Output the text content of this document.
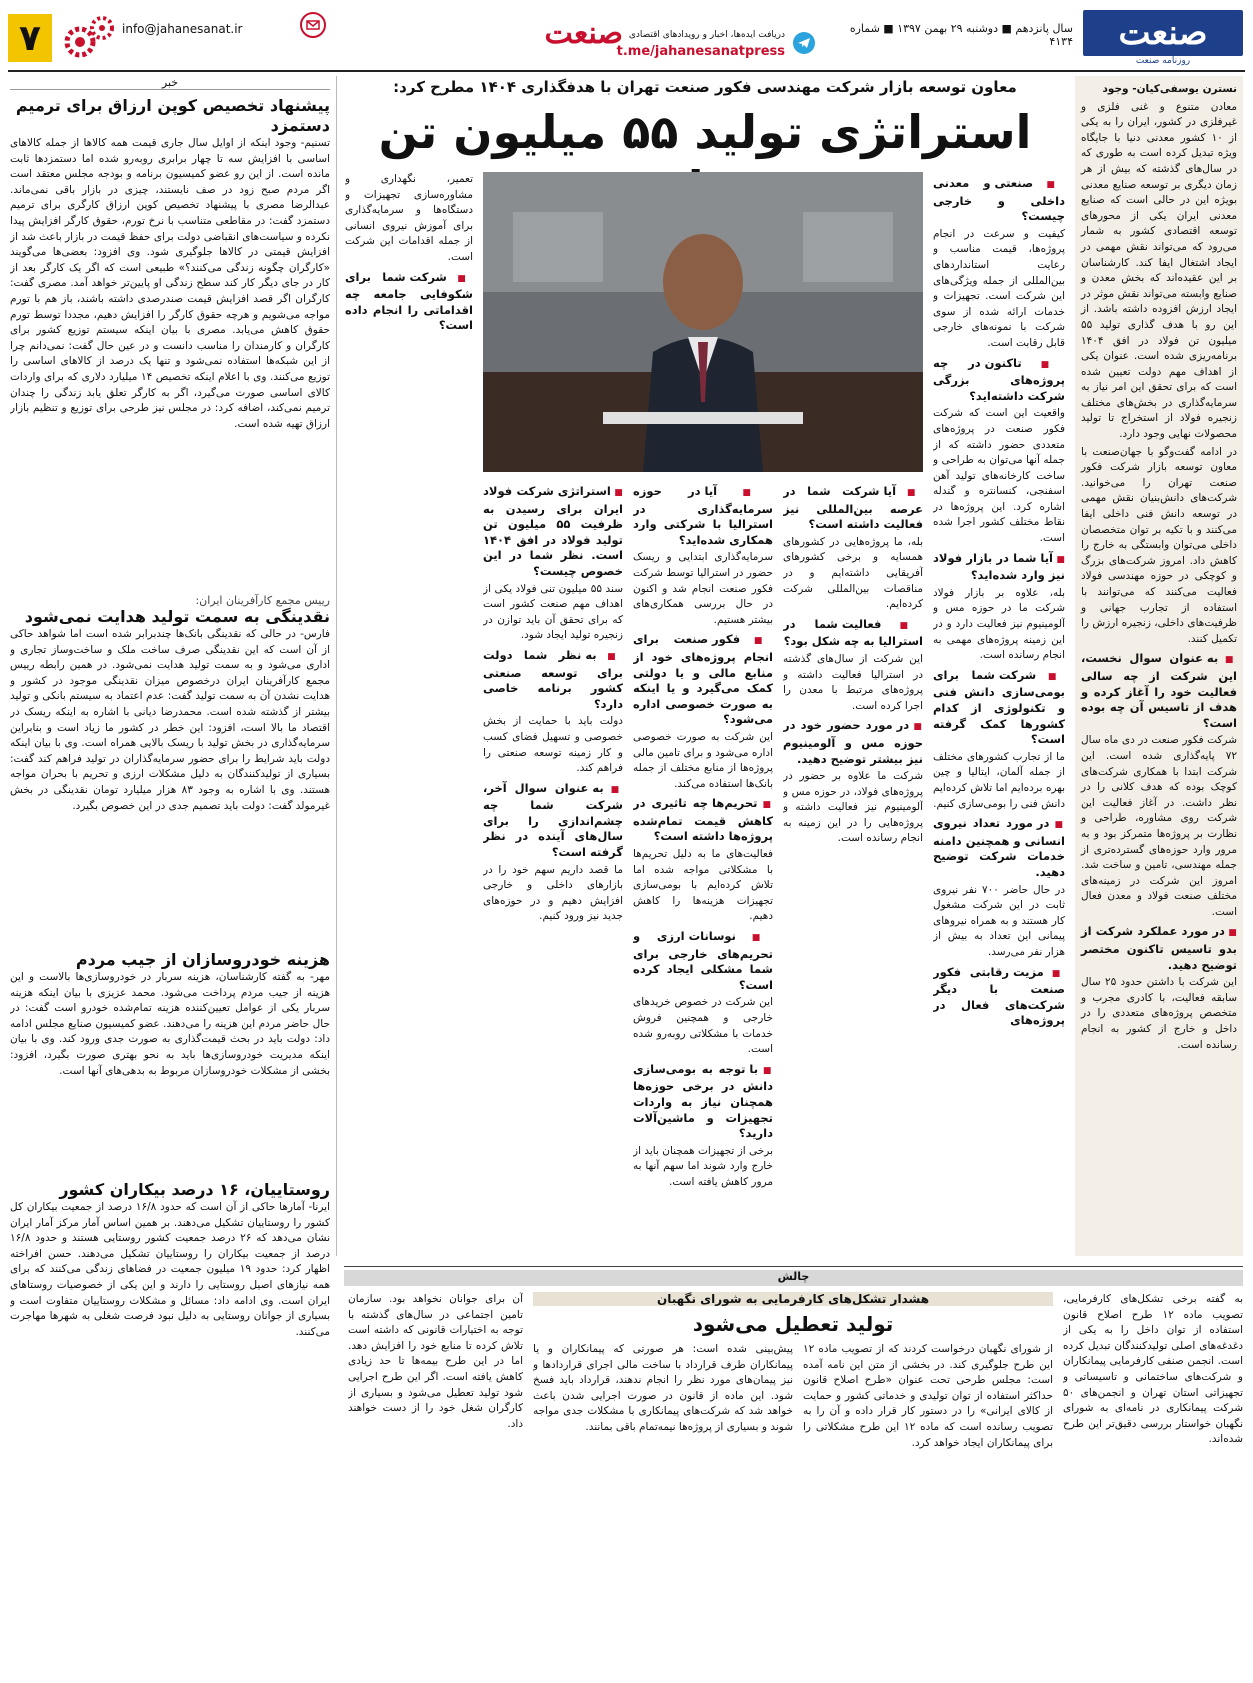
صنعت
روزنامه صنعت
سال پانزدهم ■ دوشنبه ۲۹ بهمن ۱۳۹۷ ■ شماره ۴۱۳۴
صنعت دریافت ایده‌ها، اخبار و رویدادهای اقتصادی
t.me/jahanesanatpress
info@jahanesanat.ir
۷

نسترن یوسفی‌کیان- وجود

معادن متنوع و غنی فلزی و غیرفلزی در کشور، ایران را به یکی از ۱۰ کشور معدنی دنیا با جایگاه ویژه تبدیل کرده است به طوری که در سال‌های گذشته که بیش از هر زمان دیگری بر توسعه صنایع معدنی بویژه این در حالی است که صنایع معدنی ایران یکی از محورهای توسعه اقتصادی کشور به شمار می‌رود که می‌تواند نقش مهمی در ایجاد اشتغال ایفا کند. کارشناسان بر این عقیده‌اند که بخش معدن و صنایع وابسته می‌تواند نقش موثر در ایجاد ارزش افزوده داشته باشد. از این رو با هدف گذاری تولید ۵۵ میلیون تن فولاد در افق ۱۴۰۴ برنامه‌ریزی شده است. عنوان یکی از اهداف مهم دولت تعیین شده است که برای تحقق این امر نیاز به سرمایه‌گذاری در بخش‌های مختلف زنجیره فولاد از استخراج تا تولید محصولات نهایی وجود دارد.

در ادامه گفت‌وگو با جهان‌صنعت با معاون توسعه بازار شرکت فکور صنعت تهران را می‌خوانید. شرکت‌های دانش‌بنیان نقش مهمی در توسعه دانش فنی داخلی ایفا می‌کنند و با تکیه بر توان متخصصان داخلی می‌توان وابستگی به خارج را کاهش داد. امروز شرکت‌های بزرگ و کوچکی در حوزه مهندسی فولاد فعالیت می‌کنند که می‌توانند با استفاده از تجارب جهانی و ظرفیت‌های داخلی، زنجیره ارزش را تکمیل کنند.

■ به عنوان سوال نخست، این شرکت از چه سالی فعالیت خود را آغاز کرده و هدف از تاسیس آن چه بوده است؟

شرکت فکور صنعت در دی ماه سال ۷۲ پایه‌گذاری شده است. این شرکت ابتدا با همکاری شرکت‌های کوچک بوده که هدف کلانی را در نظر داشت. در آغاز فعالیت این شرکت روی مشاوره، طراحی و نظارت بر پروژه‌ها متمرکز بود و به مرور وارد حوزه‌های گسترده‌تری از جمله مهندسی، تامین و ساخت شد. امروز این شرکت در زمینه‌های مختلف صنعت فولاد و معدن فعال است.

■ در مورد عملکرد شرکت از بدو تاسیس تاکنون مختصر توضیح دهید.

این شرکت با داشتن حدود ۲۵ سال سابقه فعالیت، با کادری مجرب و متخصص پروژه‌های متعددی را در داخل و خارج از کشور به انجام رسانده است.

معاون توسعه بازار شرکت مهندسی فکور صنعت تهران با هدفگذاری ۱۴۰۴ مطرح کرد:
استراتژی تولید ۵۵ میلیون تن

■ صنعتی و معدنی داخلی و خارجی چیست؟

کیفیت و سرعت در انجام پروژه‌ها، قیمت مناسب و رعایت استانداردهای بین‌المللی از جمله ویژگی‌های این شرکت است. تجهیزات و خدمات ارائه شده از سوی شرکت با نمونه‌های خارجی قابل رقابت است.

■ تاکنون در چه پروژه‌های بزرگی شرکت داشته‌اید؟

واقعیت این است که شرکت فکور صنعت در پروژه‌های متعددی حضور داشته که از جمله آنها می‌توان به طراحی و ساخت کارخانه‌های تولید آهن اسفنجی، کنسانتره و گندله اشاره کرد. این پروژه‌ها در نقاط مختلف کشور اجرا شده است.

■ آیا شما در بازار فولاد نیز وارد شده‌اید؟

بله، علاوه بر بازار فولاد شرکت ما در حوزه مس و آلومینیوم نیز فعالیت دارد و در این زمینه پروژه‌های مهمی به انجام رسانده است.

■ شرکت شما برای بومی‌سازی دانش فنی و تکنولوژی از کدام کشورها کمک گرفته است؟

ما از تجارب کشورهای مختلف از جمله آلمان، ایتالیا و چین بهره برده‌ایم اما تلاش کرده‌ایم دانش فنی را بومی‌سازی کنیم.

■ در مورد تعداد نیروی انسانی و همچنین دامنه خدمات شرکت توضیح دهید.

در حال حاضر ۷۰۰ نفر نیروی ثابت در این شرکت مشغول کار هستند و به همراه نیروهای پیمانی این تعداد به بیش از هزار نفر می‌رسد.

■ مزیت رقابتی فکور صنعت با دیگر شرکت‌های فعال در پروژه‌های

■ آیا شرکت شما در عرصه بین‌المللی نیز فعالیت داشته است؟

بله، ما پروژه‌هایی در کشورهای همسایه و برخی کشورهای آفریقایی داشته‌ایم و در مناقصات بین‌المللی شرکت کرده‌ایم.

■ فعالیت شما در استرالیا به چه شکل بود؟

این شرکت از سال‌های گذشته در استرالیا فعالیت داشته و پروژه‌های مرتبط با معدن را اجرا کرده است.

■ در مورد حضور خود در حوزه مس و آلومینیوم نیز بیشتر توضیح دهید.

شرکت ما علاوه بر حضور در پروژه‌های فولاد، در حوزه مس و آلومینیوم نیز فعالیت داشته و پروژه‌هایی را در این زمینه به انجام رسانده است.

■ آیا در حوزه سرمایه‌گذاری در استرالیا با شرکتی وارد همکاری شده‌اید؟

سرمایه‌گذاری ابتدایی و ریسک حضور در استرالیا توسط شرکت فکور صنعت انجام شد و اکنون در حال بررسی همکاری‌های بیشتر هستیم.

■ فکور صنعت برای انجام پروژه‌های خود از منابع مالی و یا دولتی کمک می‌گیرد و یا اینکه به صورت خصوصی اداره می‌شود؟

این شرکت به صورت خصوصی اداره می‌شود و برای تامین مالی پروژه‌ها از منابع مختلف از جمله بانک‌ها استفاده می‌کند.

■ تحریم‌ها چه تاثیری در کاهش قیمت تمام‌شده پروژه‌ها داشته است؟

فعالیت‌های ما به دلیل تحریم‌ها با مشکلاتی مواجه شده اما تلاش کرده‌ایم با بومی‌سازی تجهیزات هزینه‌ها را کاهش دهیم.

■ نوسانات ارزی و تحریم‌های خارجی برای شما مشکلی ایجاد کرده است؟

این شرکت در خصوص خریدهای خارجی و همچنین فروش خدمات با مشکلاتی روبه‌رو شده است.

■ با توجه به بومی‌سازی دانش در برخی حوزه‌ها همچنان نیاز به واردات تجهیزات و ماشین‌آلات دارید؟

برخی از تجهیزات همچنان باید از خارج وارد شوند اما سهم آنها به مرور کاهش یافته است.

■ استراتژی شرکت فولاد ایران برای رسیدن به ظرفیت ۵۵ میلیون تن تولید فولاد در افق ۱۴۰۴ است. نظر شما در این خصوص چیست؟

سند ۵۵ میلیون تنی فولاد یکی از اهداف مهم صنعت کشور است که برای تحقق آن باید توازن در زنجیره تولید ایجاد شود.

■ به نظر شما دولت برای توسعه صنعتی کشور برنامه خاصی دارد؟

دولت باید با حمایت از بخش خصوصی و تسهیل فضای کسب و کار زمینه توسعه صنعتی را فراهم کند.

■ به عنوان سوال آخر، شرکت شما چه چشم‌اندازی را برای سال‌های آینده در نظر گرفته است؟

ما قصد داریم سهم خود را در بازارهای داخلی و خارجی افزایش دهیم و در حوزه‌های جدید نیز ورود کنیم.

تعمیر، نگهداری و مشاوره‌سازی تجهیزات و دستگاه‌ها و سرمایه‌گذاری برای آموزش نیروی انسانی از جمله اقدامات این شرکت است.

■ شرکت شما برای شکوفایی جامعه چه اقداماتی را انجام داده است؟

خبر
پیشنهاد تخصیص کوپن ارزاق برای ترمیم دستمزد
تسنیم- وجود اینکه از اوایل سال جاری قیمت همه کالاها از جمله کالاهای اساسی با افزایش سه تا چهار برابری روبه‌رو شده اما دستمزدها ثابت مانده است. از این رو عضو کمیسیون برنامه و بودجه مجلس معتقد است اگر مردم صبح زود در صف نایستند، چیزی در بازار باقی نمی‌ماند. عبدالرضا مصری با پیشنهاد تخصیص کوپن ارزاق کارگری برای ترمیم دستمزد گفت: در مقاطعی متناسب با نرخ تورم، حقوق کارگر افزایش پیدا نکرده و سیاست‌های انقباضی دولت برای حفظ قیمت در بازار باعث شد از افزایش قیمتی در کالاها جلوگیری شود. وی افزود: بعضی‌ها می‌گویند «کارگران چگونه زندگی می‌کنند؟» طبیعی است که اگر یک کارگر بعد از کار در جای دیگر کار کند سطح زندگی او پایین‌تر خواهد آمد. مصری گفت: کارگران اگر قصد افزایش قیمت صندرصدی داشته باشند، باز هم با تورم مواجه می‌شویم و هرچه حقوق کارگر را افزایش دهیم، مجددا توسط تورم حقوق کاهش می‌یابد. مصری با بیان اینکه سیستم توزیع کشور برای کارگران و کارمندان را مناسب دانست و در عین حال گفت: نمی‌دانم چرا از این شبکه‌ها استفاده نمی‌شود و تنها یک درصد از کالاهای اساسی را توزیع می‌کنند. وی با اعلام اینکه تخصیص ۱۴ میلیارد دلاری که برای واردات کالای اساسی صورت می‌گیرد، اگر به کارگر تعلق یابد زندگی را چندان ترمیم نمی‌کند، اضافه کرد: در مجلس نیز طرحی برای توزیع و تنظیم بازار ارزاق تهیه شده است.
رییس مجمع کارآفرینان ایران:
نقدینگی به سمت تولید هدایت نمی‌شود
فارس- در حالی که نقدینگی بانک‌ها چندبرابر شده است اما شواهد حاکی از آن است که این نقدینگی صرف ساخت ملک و ساخت‌وساز تجاری و اداری می‌شود و به سمت تولید هدایت نمی‌شود. در همین رابطه رییس مجمع کارآفرینان ایران درخصوص میزان نقدینگی موجود در کشور و هدایت نشدن آن به سمت تولید گفت: عدم اعتماد به سیستم بانکی و تولید بیشتر از گذشته شده است. محمدرضا دیانی با اشاره به اینکه ریسک در اقتصاد ما بالا است، افزود: این خطر در کشور ما زیاد است و بنابراین سرمایه‌گذاری در بخش تولید با ریسک بالایی همراه است. وی با بیان اینکه دولت باید شرایط را برای حضور سرمایه‌گذاران در تولید فراهم کند گفت: بسیاری از تولیدکنندگان به دلیل مشکلات ارزی و تحریم با بحران مواجه هستند. وی با اشاره به وجود ۸۳ هزار میلیارد تومان نقدینگی در بخش غیرمولد گفت: دولت باید تصمیم جدی در این خصوص بگیرد.
هزینه خودروسازان از جیب مردم
مهر- به گفته کارشناسان، هزینه سربار در خودروسازی‌ها بالاست و این هزینه از جیب مردم پرداخت می‌شود. محمد عزیزی با بیان اینکه هزینه سربار یکی از عوامل تعیین‌کننده هزینه تمام‌شده خودرو است گفت: در حال حاضر مردم این هزینه را می‌دهند. عضو کمیسیون صنایع مجلس ادامه داد: دولت باید در بحث قیمت‌گذاری به صورت جدی ورود کند. وی با بیان اینکه مدیریت خودروسازی‌ها باید به نحو بهتری صورت بگیرد، افزود: بخشی از مشکلات خودروسازان مربوط به بدهی‌های آنها است.
روستاییان، ۱۶ درصد بیکاران کشور
ایرنا- آمارها حاکی از آن است که حدود ۱۶/۸ درصد از جمعیت بیکاران کل کشور را روستاییان تشکیل می‌دهند. بر همین اساس آمار مرکز آمار ایران نشان می‌دهد که ۲۶ درصد جمعیت کشور روستایی هستند و حدود ۱۶/۸ درصد از جمعیت بیکاران را روستاییان تشکیل می‌دهند. حسن افراخته اظهار کرد: حدود ۱۹ میلیون جمعیت در فضاهای زندگی می‌کنند که برای همه نیازهای اصیل روستایی را دارند و این یکی از خصوصیات روستاهای ایران است. وی ادامه داد: مسائل و مشکلات روستاییان متفاوت است و بسیاری از جوانان روستایی به دلیل نبود فرصت شغلی به شهرها مهاجرت می‌کنند.
چالش
هشدار تشکل‌های کارفرمایی به شورای نگهبان
تولید تعطیل می‌شود
به گفته برخی تشکل‌های کارفرمایی، تصویب ماده ۱۲ طرح اصلاح قانون استفاده از توان داخل را به یکی از دغدغه‌های اصلی تولیدکنندگان تبدیل کرده است. انجمن صنفی کارفرمایی پیمانکاران و شرکت‌های ساختمانی و تاسیساتی و تجهیزاتی استان تهران و انجمن‌های ۵۰ شرکت پیمانکاری در نامه‌ای به شورای نگهبان خواستار بررسی دقیق‌تر این طرح شده‌اند.
از شورای نگهبان درخواست کردند که از تصویب ماده ۱۲ این طرح جلوگیری کند. در بخشی از متن این نامه آمده است: مجلس طرحی تحت عنوان «طرح اصلاح قانون حداکثر استفاده از توان تولیدی و خدماتی کشور و حمایت از کالای ایرانی» را در دستور کار قرار داده و آن را به تصویب رسانده است که ماده ۱۲ این طرح مشکلاتی را برای پیمانکاران ایجاد خواهد کرد.
پیش‌بینی شده است: هر صورتی که پیمانکاران و یا پیمانکاران طرف قرارداد با ساخت مالی اجرای قراردادها و نیز پیمان‌های مورد نظر را انجام ندهند، قرارداد باید فسخ شود. این ماده از قانون در صورت اجرایی شدن باعث خواهد شد که شرکت‌های پیمانکاری با مشکلات جدی مواجه شوند و بسیاری از پروژه‌ها نیمه‌تمام باقی بمانند.
آن برای جوانان نخواهد بود. سازمان تامین اجتماعی در سال‌های گذشته با توجه به اختیارات قانونی که داشته است تلاش کرده تا منابع خود را افزایش دهد. اما در این طرح بیمه‌ها تا حد زیادی کاهش یافته است. اگر این طرح اجرایی شود تولید تعطیل می‌شود و بسیاری از کارگران شغل خود را از دست خواهند داد.
